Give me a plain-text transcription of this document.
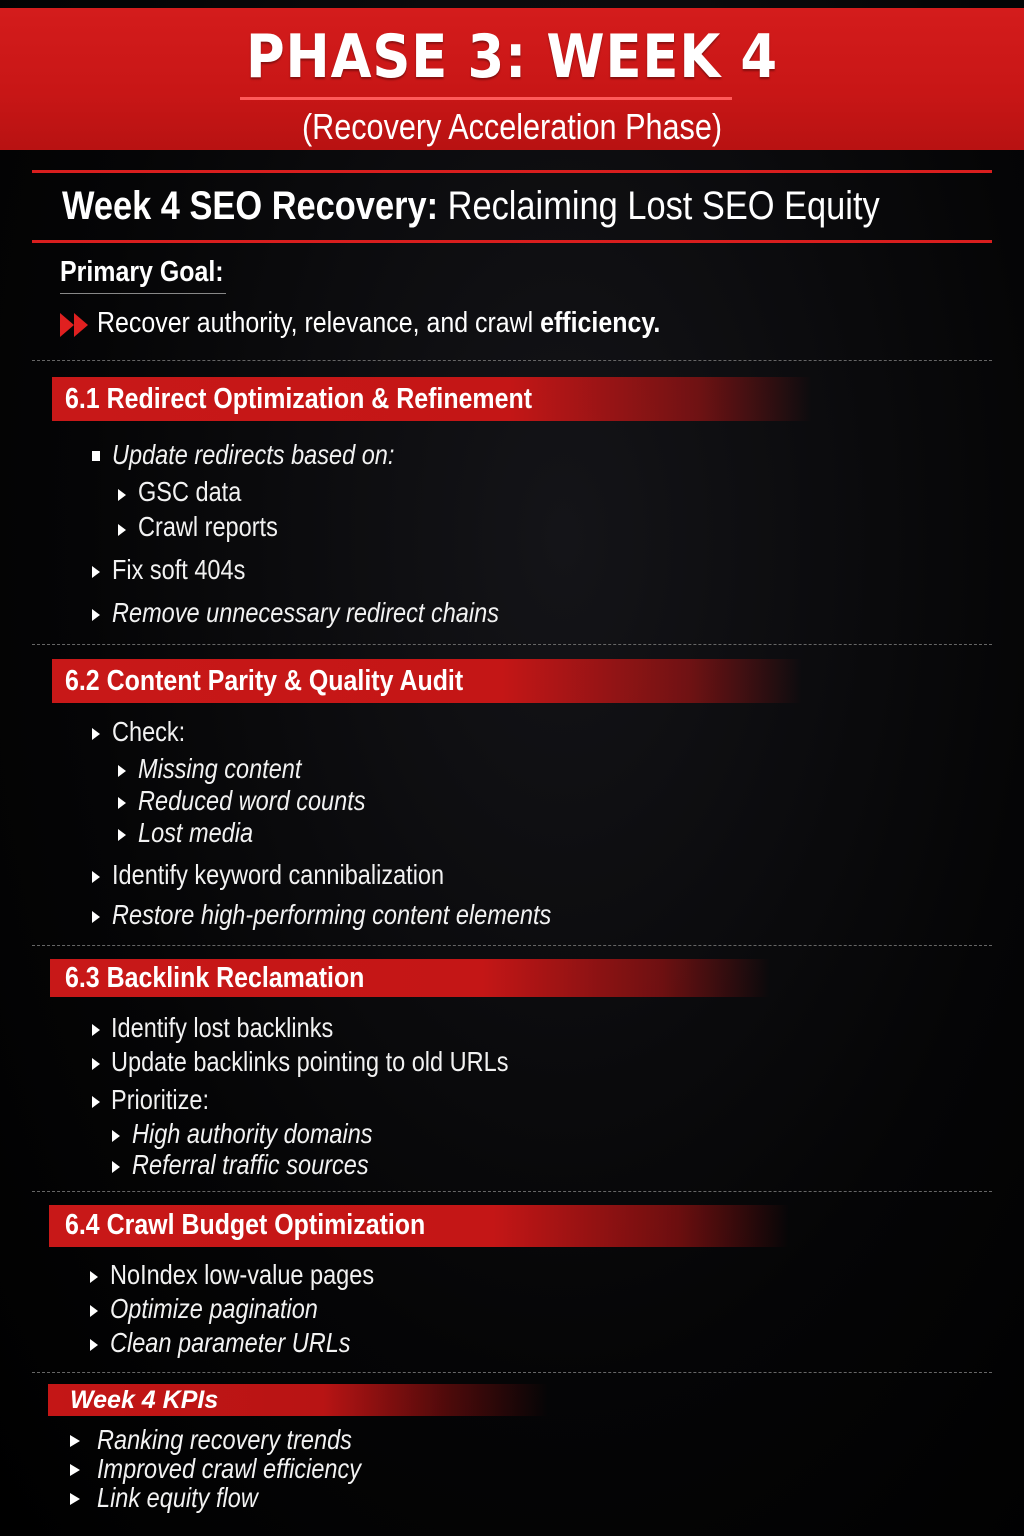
PHASE 3: WEEK 4
(Recovery Acceleration Phase)
Week 4 SEO Recovery: Reclaiming Lost SEO Equity
Primary Goal:
Recover authority, relevance, and crawl efficiency.
6.1 Redirect Optimization & Refinement
Update redirects based on:
GSC data
Crawl reports
Fix soft 404s
Remove unnecessary redirect chains
6.2 Content Parity & Quality Audit
Check:
Missing content
Reduced word counts
Lost media
Identify keyword cannibalization
Restore high-performing content elements
6.3 Backlink Reclamation
Identify lost backlinks
Update backlinks pointing to old URLs
Prioritize:
High authority domains
Referral traffic sources
6.4 Crawl Budget Optimization
NoIndex low-value pages
Optimize pagination
Clean parameter URLs
Week 4 KPIs
Ranking recovery trends
Improved crawl efficiency
Link equity flow
